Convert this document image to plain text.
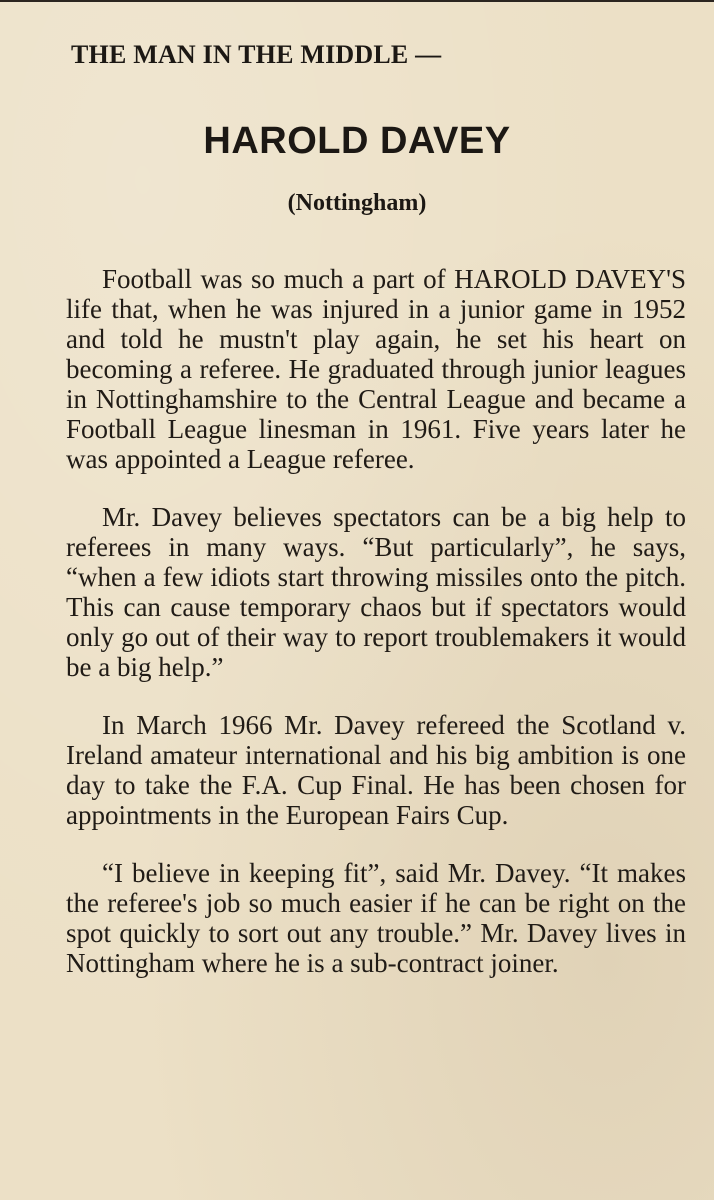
THE MAN IN THE MIDDLE —
HAROLD DAVEY
(Nottingham)

Football was so much a part of HAROLD DAVEY'S life that, when he was injured in a junior game in 1952 and told he mustn't play again, he set his heart on becoming a referee. He graduated through junior leagues in Nottinghamshire to the Central League and became a Football League linesman in 1961. Five years later he was appointed a League referee.

Mr. Davey believes spectators can be a big help to referees in many ways. “But particularly”, he says, “when a few idiots start throwing missiles onto the pitch. This can cause temporary chaos but if spectators would only go out of their way to report troublemakers it would be a big help.”

In March 1966 Mr. Davey refereed the Scotland v. Ireland amateur international and his big ambition is one day to take the F.A. Cup Final. He has been chosen for appointments in the European Fairs Cup.

“I believe in keeping fit”, said Mr. Davey. “It makes the referee's job so much easier if he can be right on the spot quickly to sort out any trouble.” Mr. Davey lives in Nottingham where he is a sub-contract joiner.
